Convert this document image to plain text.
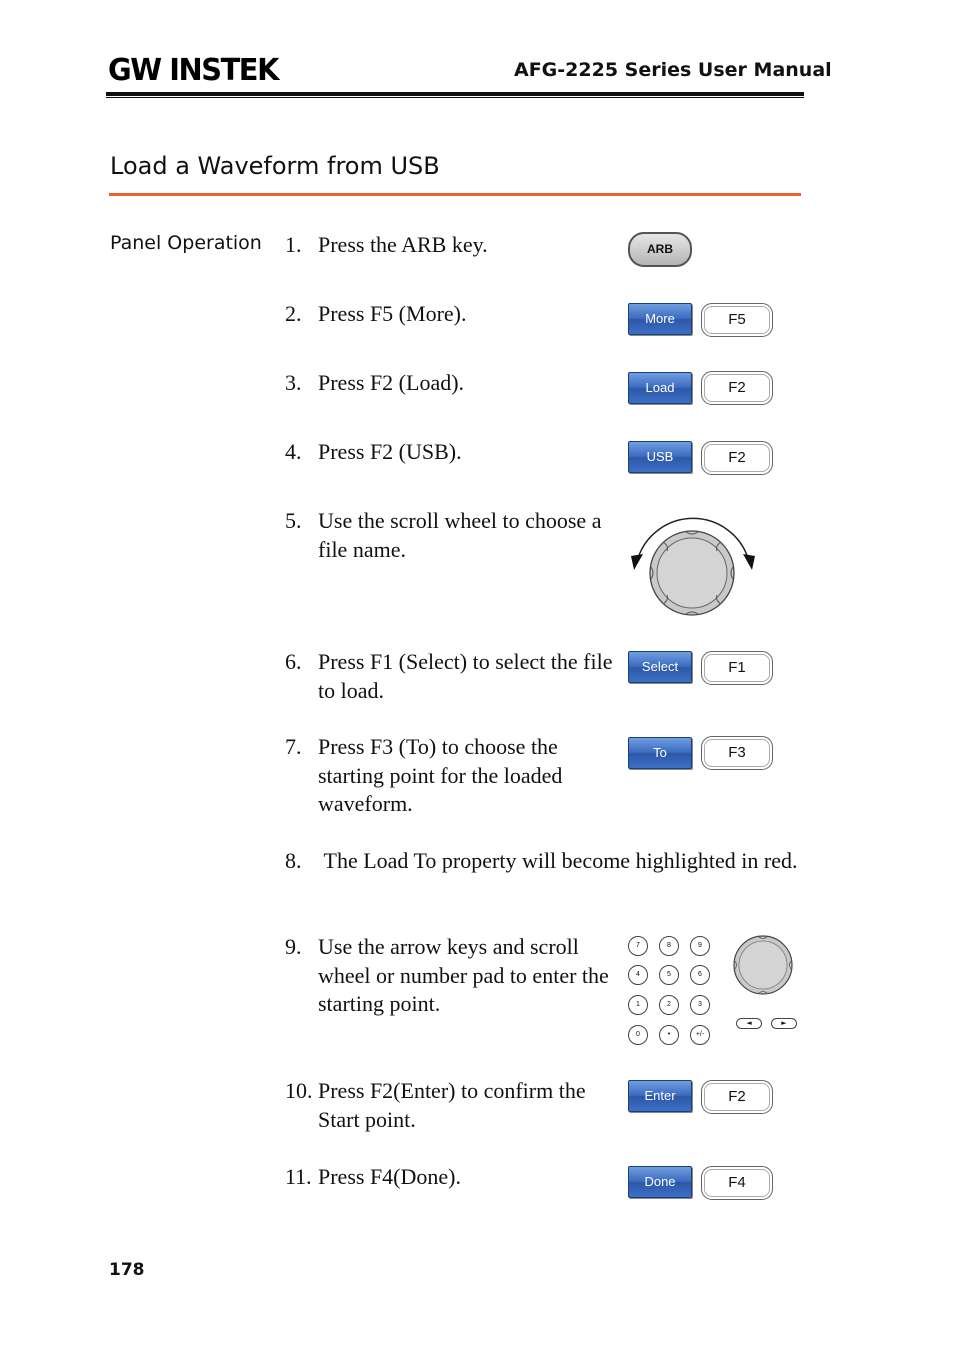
GW INSTEK	AFG-2225 Series User Manual
Load a Waveform from USB
Panel Operation 1. Press the ARB key.
2. Press F5 (More).
3. Press F2 (Load).
4. Press F2 (USB).
5. Use the scroll wheel to choose a file name.
6. Press F1 (Select) to select the file to load.
7. Press F3 (To) to choose the starting point for the loaded waveform.
8. The Load To property will become highlighted in red.
9. Use the arrow keys and scroll wheel or number pad to enter the starting point.
10. Press F2(Enter) to confirm the Start point.
11. Press F4(Done).
ARB
More	F5
Load	F2
USB	F2
Select	F1
To	F3
7	8	9
4	5	6
1	2	3
0	•	+/-
◄	►
Enter	F2
Done	F4
178
